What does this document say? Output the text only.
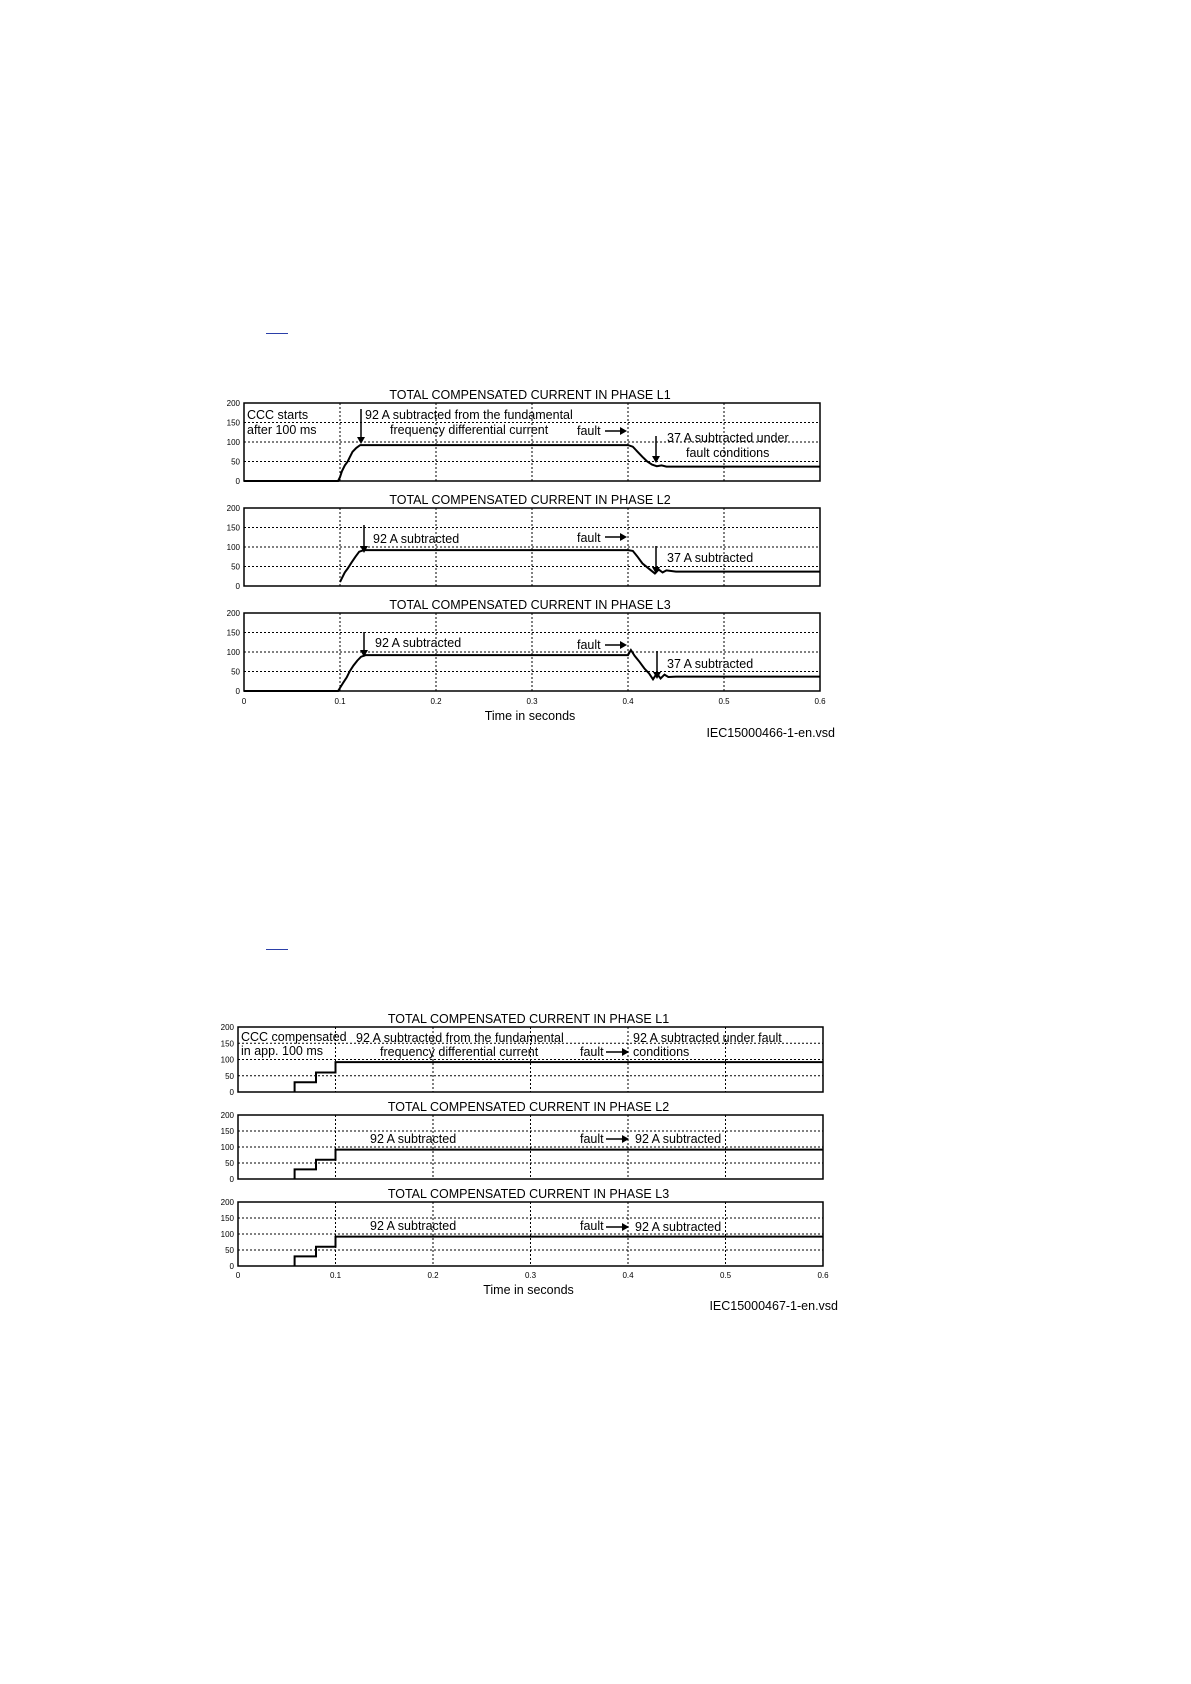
TOTAL COMPENSATED CURRENT IN PHASE L1
0
50
100
150
200
TOTAL COMPENSATED CURRENT IN PHASE L2
0
50
100
150
200
TOTAL COMPENSATED CURRENT IN PHASE L3
0
50
100
150
200
TOTAL COMPENSATED CURRENT IN PHASE L1
0
50
100
150
200
TOTAL COMPENSATED CURRENT IN PHASE L2
0
50
100
150
200
TOTAL COMPENSATED CURRENT IN PHASE L3
0
50
100
150
200
0	0.1	0.2	0.3	0.4	0.5	0.6
Time in seconds
IEC15000466-1-en.vsd
0	0.1	0.2	0.3	0.4	0.5	0.6
Time in seconds
IEC15000467-1-en.vsd
CCC starts
after 100 ms
92 A subtracted from the fundamental
frequency differential current fault	37 A subtracted under
fault conditions
92 A subtracted	fault
37 A subtracted
92 A subtracted	fault
37 A subtracted
CCC compensated
in app. 100 ms
92 A subtracted from the fundamental
frequency differential current	fault
92 A subtracted under fault
conditions
92 A subtracted	fault	92 A subtracted
92 A subtracted	fault	92 A subtracted
